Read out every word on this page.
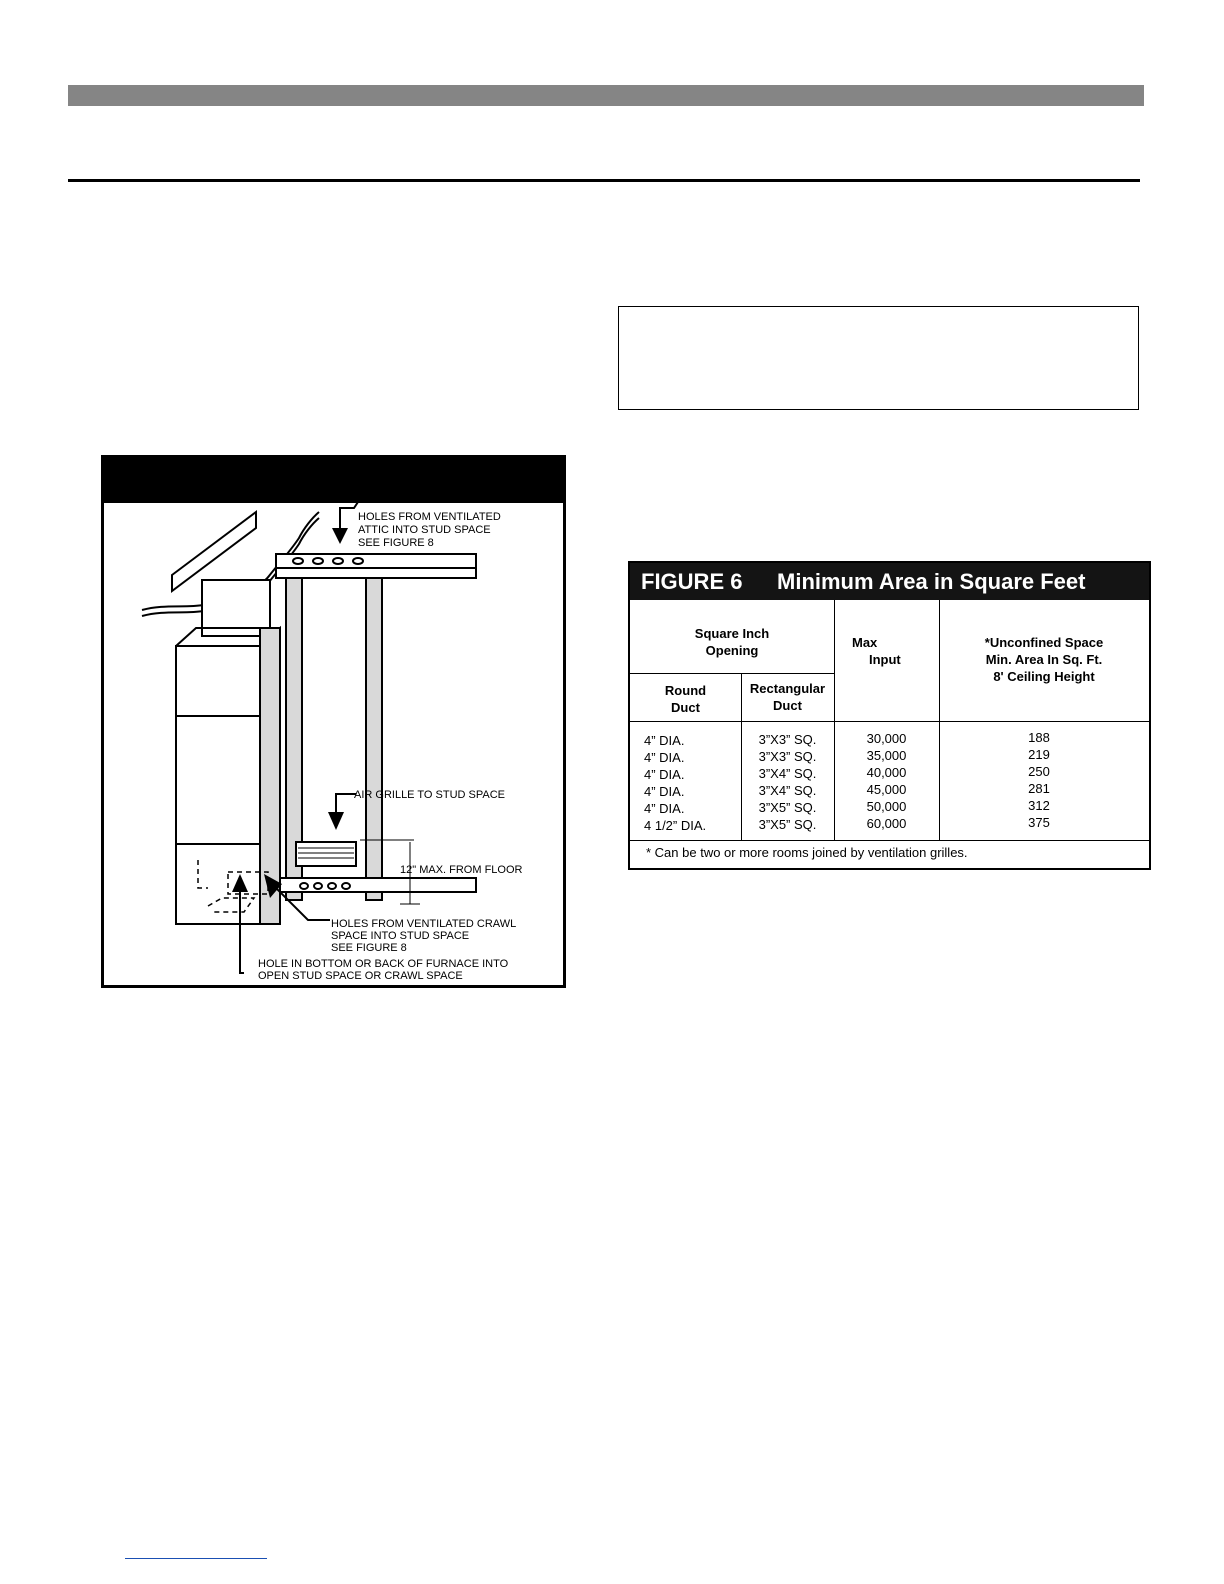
HOLES FROM VENTILATED
ATTIC INTO STUD SPACE
SEE FIGURE 8
AIR GRILLE TO STUD SPACE
12" MAX. FROM FLOOR
HOLES FROM VENTILATED CRAWL
SPACE INTO STUD SPACE
SEE FIGURE 8
HOLE IN BOTTOM OR BACK OF FURNACE INTO
OPEN STUD SPACE OR CRAWL SPACE
FIGURE 6 Minimum Area in Square Feet
Square Inch
Opening
Round
Duct
Rectangular
Duct
Max
Input
*Unconfined Space
Min. Area In Sq. Ft.
8' Ceiling Height
4” DIA.
4” DIA.
4” DIA.
4” DIA.
4” DIA.
4 1/2” DIA.
3”X3” SQ.
3”X3” SQ.
3”X4” SQ.
3”X4” SQ.
3”X5” SQ.
3”X5” SQ.
30,000
35,000
40,000
45,000
50,000
60,000
188
219
250
281
312
375
* Can be two or more rooms joined by ventilation grilles.
